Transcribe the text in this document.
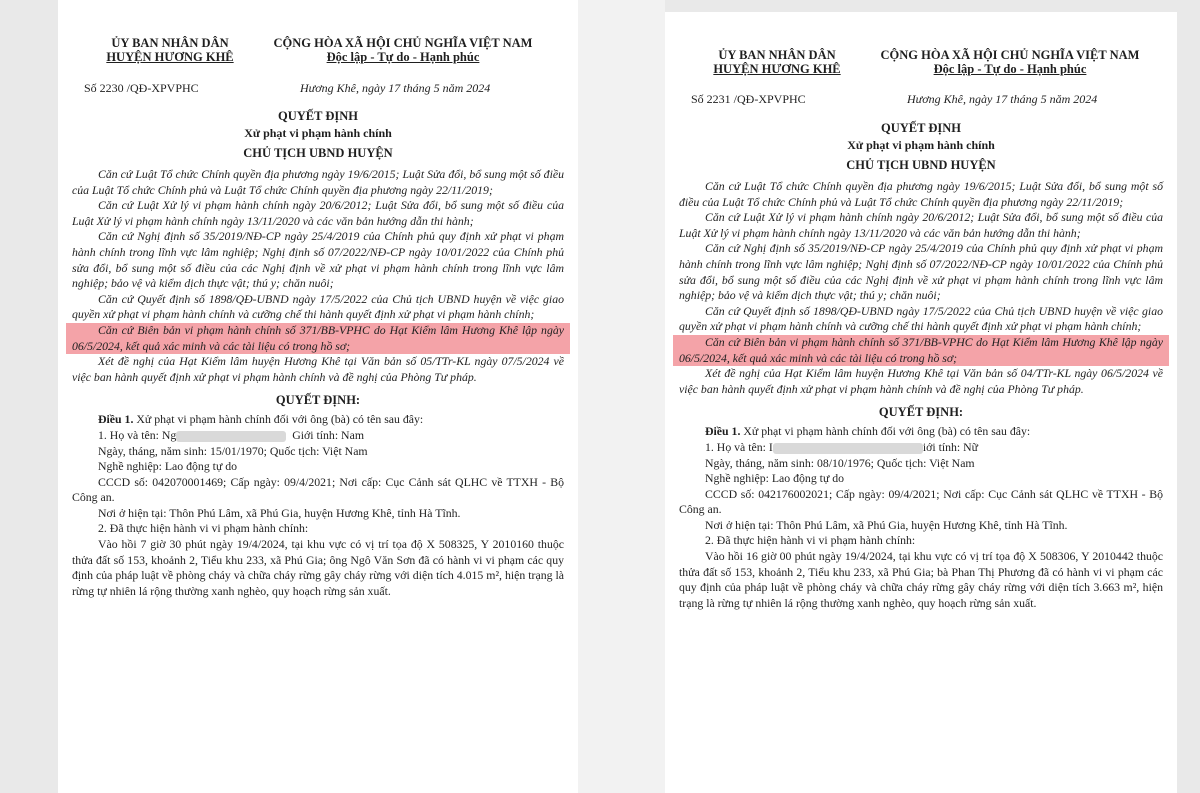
ỦY BAN NHÂN DÂN
HUYỆN HƯƠNG KHÊ
CỘNG HÒA XÃ HỘI CHỦ NGHĨA VIỆT NAM
Độc lập - Tự do - Hạnh phúc
Số 2230 /QĐ-XPVPHC	Hương Khê, ngày 17 tháng 5 năm 2024
QUYẾT ĐỊNH
Xử phạt vi phạm hành chính
CHỦ TỊCH UBND HUYỆN

Căn cứ Luật Tổ chức Chính quyền địa phương ngày 19/6/2015; Luật Sửa đổi, bổ sung một số điều của Luật Tổ chức Chính phủ và Luật Tổ chức Chính quyền địa phương ngày 22/11/2019;

Căn cứ Luật Xử lý vi phạm hành chính ngày 20/6/2012; Luật Sửa đổi, bổ sung một số điều của Luật Xử lý vi phạm hành chính ngày 13/11/2020 và các văn bản hướng dẫn thi hành;

Căn cứ Nghị định số 35/2019/NĐ-CP ngày 25/4/2019 của Chính phủ quy định xử phạt vi phạm hành chính trong lĩnh vực lâm nghiệp; Nghị định số 07/2022/NĐ-CP ngày 10/01/2022 của Chính phủ sửa đổi, bổ sung một số điều của các Nghị định về xử phạt vi phạm hành chính trong lĩnh vực lâm nghiệp; bảo vệ và kiểm dịch thực vật; thú y; chăn nuôi;

Căn cứ Quyết định số 1898/QĐ-UBND ngày 17/5/2022 của Chủ tịch UBND huyện về việc giao quyền xử phạt vi phạm hành chính và cưỡng chế thi hành quyết định xử phạt vi phạm hành chính;

Căn cứ Biên bản vi phạm hành chính số 371/BB-VPHC do Hạt Kiểm lâm Hương Khê lập ngày 06/5/2024, kết quả xác minh và các tài liệu có trong hồ sơ;

Xét đề nghị của Hạt Kiểm lâm huyện Hương Khê tại Văn bản số 05/TTr-KL ngày 07/5/2024 về việc ban hành quyết định xử phạt vi phạm hành chính và đề nghị của Phòng Tư pháp.

QUYẾT ĐỊNH:

Điều 1. Xử phạt vi phạm hành chính đối với ông (bà) có tên sau đây:

1. Họ và tên: Ng	Giới tính: Nam

Ngày, tháng, năm sinh: 15/01/1970; Quốc tịch: Việt Nam

Nghề nghiệp: Lao động tự do

CCCD số: 042070001469; Cấp ngày: 09/4/2021; Nơi cấp: Cục Cảnh sát QLHC về TTXH - Bộ Công an.

Nơi ở hiện tại: Thôn Phú Lâm, xã Phú Gia, huyện Hương Khê, tỉnh Hà Tĩnh.

2. Đã thực hiện hành vi vi phạm hành chính:

Vào hồi 7 giờ 30 phút ngày 19/4/2024, tại khu vực có vị trí tọa độ X 508325, Y 2010160 thuộc thửa đất số 153, khoảnh 2, Tiểu khu 233, xã Phú Gia; ông Ngô Văn Sơn đã có hành vi vi phạm các quy định của pháp luật về phòng cháy và chữa cháy rừng gây cháy rừng với diện tích 4.015 m², hiện trạng là rừng tự nhiên lá rộng thường xanh nghèo, quy hoạch rừng sản xuất.

ỦY BAN NHÂN DÂN
HUYỆN HƯƠNG KHÊ
CỘNG HÒA XÃ HỘI CHỦ NGHĨA VIỆT NAM
Độc lập - Tự do - Hạnh phúc
Số 2231 /QĐ-XPVPHC	Hương Khê, ngày 17 tháng 5 năm 2024
QUYẾT ĐỊNH
Xử phạt vi phạm hành chính
CHỦ TỊCH UBND HUYỆN

Căn cứ Luật Tổ chức Chính quyền địa phương ngày 19/6/2015; Luật Sửa đổi, bổ sung một số điều của Luật Tổ chức Chính phủ và Luật Tổ chức Chính quyền địa phương ngày 22/11/2019;

Căn cứ Luật Xử lý vi phạm hành chính ngày 20/6/2012; Luật Sửa đổi, bổ sung một số điều của Luật Xử lý vi phạm hành chính ngày 13/11/2020 và các văn bản hướng dẫn thi hành;

Căn cứ Nghị định số 35/2019/NĐ-CP ngày 25/4/2019 của Chính phủ quy định xử phạt vi phạm hành chính trong lĩnh vực lâm nghiệp; Nghị định số 07/2022/NĐ-CP ngày 10/01/2022 của Chính phủ sửa đổi, bổ sung một số điều của các Nghị định về xử phạt vi phạm hành chính trong lĩnh vực lâm nghiệp; bảo vệ và kiểm dịch thực vật; thú y; chăn nuôi;

Căn cứ Quyết định số 1898/QĐ-UBND ngày 17/5/2022 của Chủ tịch UBND huyện về việc giao quyền xử phạt vi phạm hành chính và cưỡng chế thi hành quyết định xử phạt vi phạm hành chính;

Căn cứ Biên bản vi phạm hành chính số 371/BB-VPHC do Hạt Kiểm lâm Hương Khê lập ngày 06/5/2024, kết quả xác minh và các tài liệu có trong hồ sơ;

Xét đề nghị của Hạt Kiểm lâm huyện Hương Khê tại Văn bản số 04/TTr-KL ngày 06/5/2024 về việc ban hành quyết định xử phạt vi phạm hành chính và đề nghị của Phòng Tư pháp.

QUYẾT ĐỊNH:

Điều 1. Xử phạt vi phạm hành chính đối với ông (bà) có tên sau đây:

1. Họ và tên: I	iới tính: Nữ

Ngày, tháng, năm sinh: 08/10/1976; Quốc tịch: Việt Nam

Nghề nghiệp: Lao động tự do

CCCD số: 042176002021; Cấp ngày: 09/4/2021; Nơi cấp: Cục Cảnh sát QLHC về TTXH - Bộ Công an.

Nơi ở hiện tại: Thôn Phú Lâm, xã Phú Gia, huyện Hương Khê, tỉnh Hà Tĩnh.

2. Đã thực hiện hành vi vi phạm hành chính:

Vào hồi 16 giờ 00 phút ngày 19/4/2024, tại khu vực có vị trí tọa độ X 508306, Y 2010442 thuộc thửa đất số 153, khoảnh 2, Tiểu khu 233, xã Phú Gia; bà Phan Thị Phương đã có hành vi vi phạm các quy định của pháp luật về phòng cháy và chữa cháy rừng gây cháy rừng với diện tích 3.663 m², hiện trạng là rừng tự nhiên lá rộng thường xanh nghèo, quy hoạch rừng sản xuất.
